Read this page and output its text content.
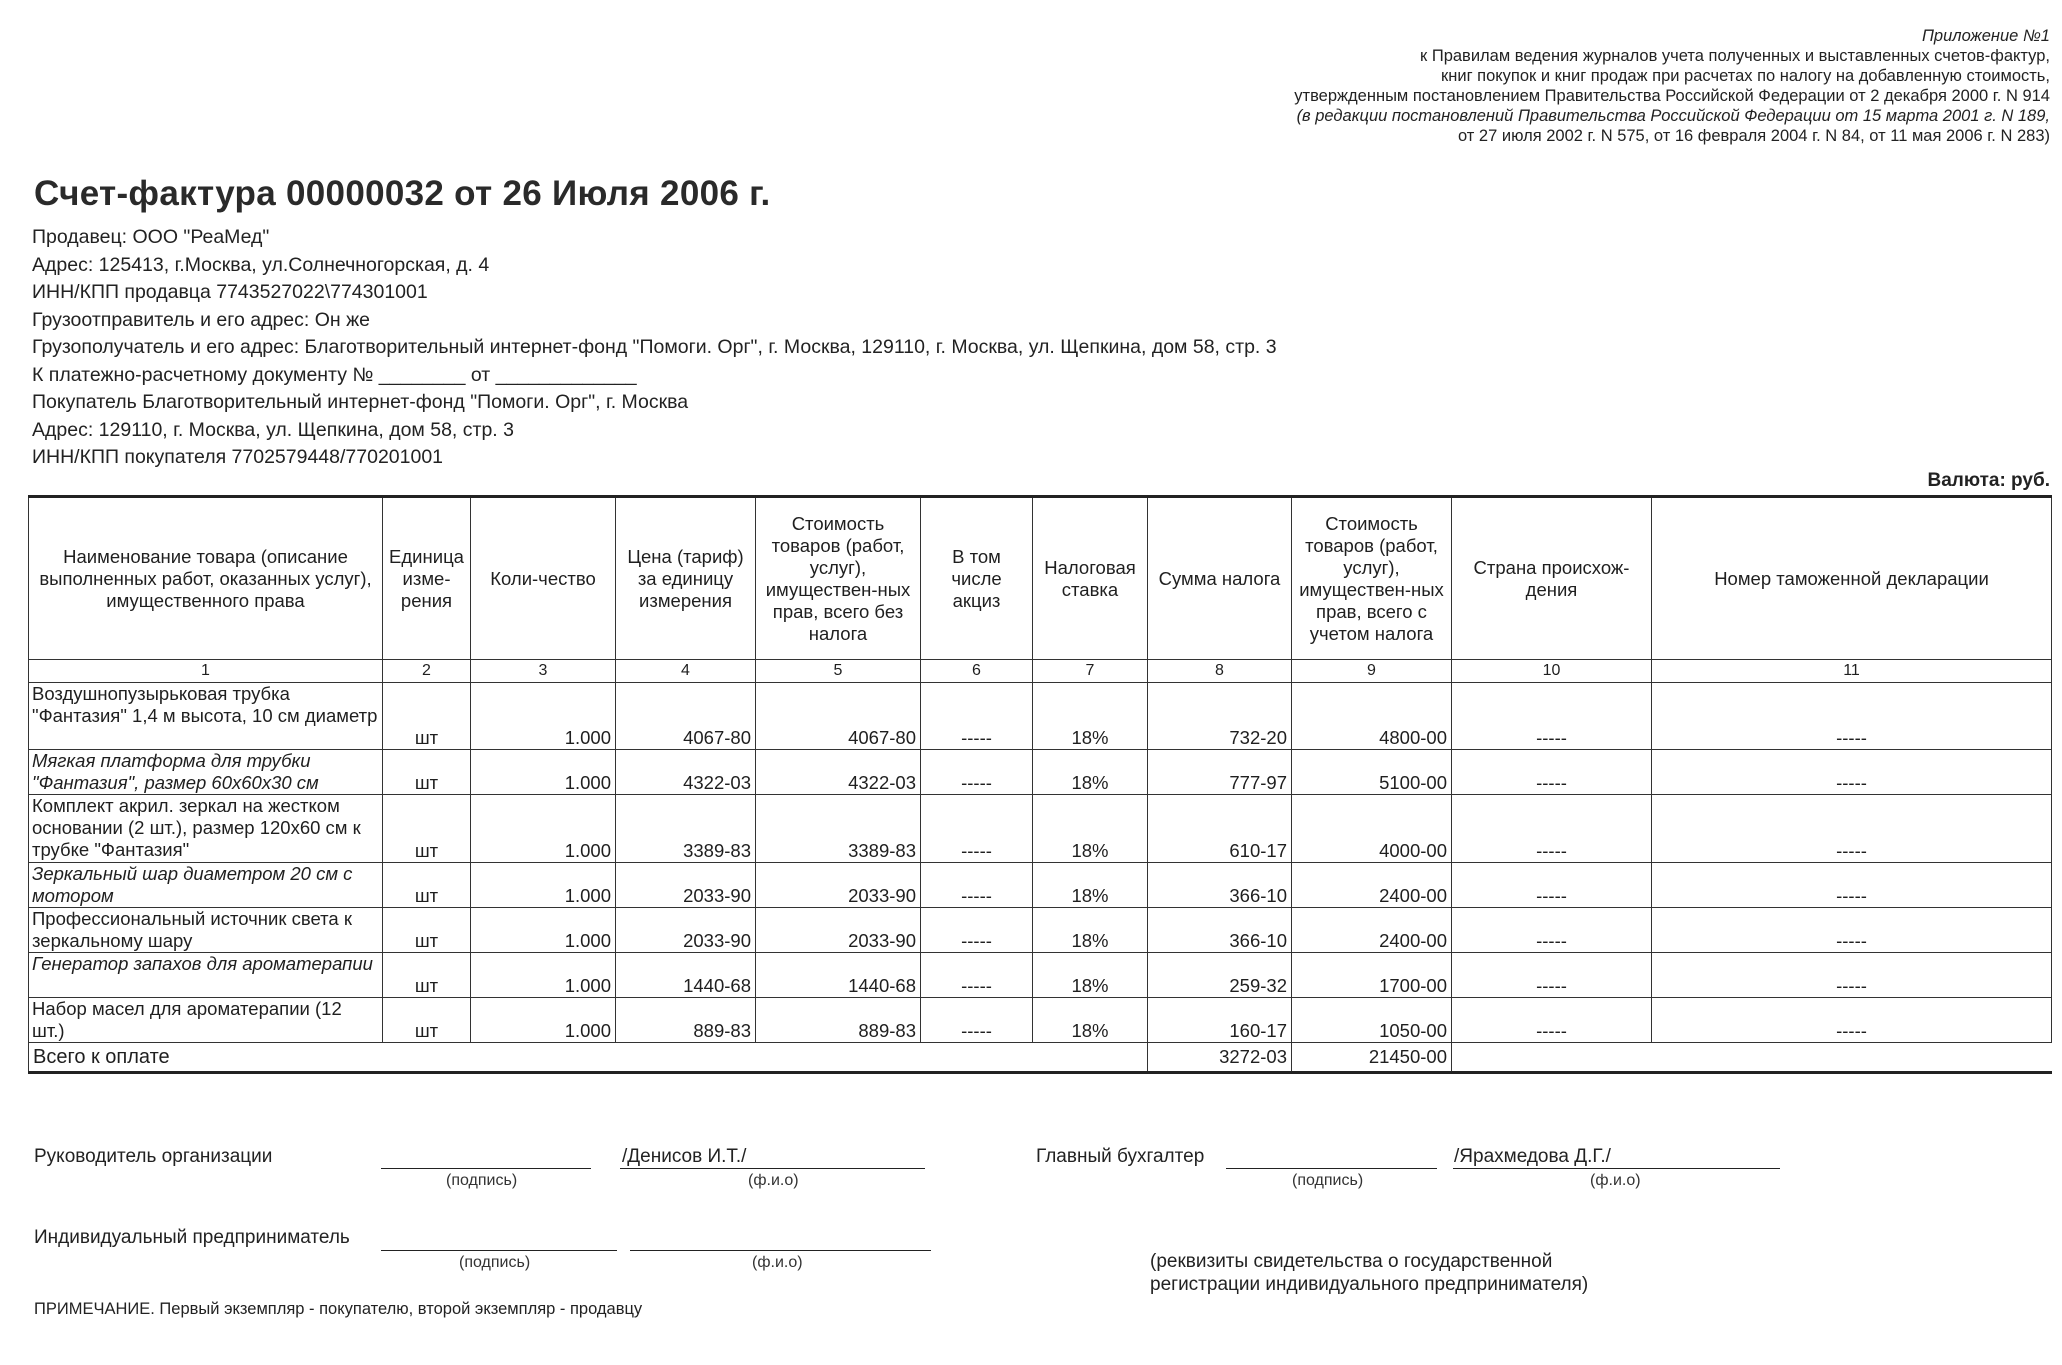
Приложение №1
к Правилам ведения журналов учета полученных и выставленных счетов-фактур,
книг покупок и книг продаж при расчетах по налогу на добавленную стоимость,
утвержденным постановлением Правительства Российской Федерации от 2 декабря 2000 г. N 914
(в редакции постановлений Правительства Российской Федерации от 15 марта 2001 г. N 189,
от 27 июля 2002 г. N 575, от 16 февраля 2004 г. N 84, от 11 мая 2006 г. N 283)
Счет-фактура 00000032 от 26 Июля 2006 г.
Продавец: ООО "РеаМед"
Адрес: 125413, г.Москва, ул.Солнечногорская, д. 4
ИНН/КПП продавца 7743527022\774301001
Грузоотправитель и его адрес: Он же
Грузополучатель и его адрес: Благотворительный интернет-фонд "Помоги. Орг", г. Москва, 129110, г. Москва, ул. Щепкина, дом 58, стр. 3
К платежно-расчетному документу № ________ от _____________
Покупатель Благотворительный интернет-фонд "Помоги. Орг", г. Москва
Адрес: 129110, г. Москва, ул. Щепкина, дом 58, стр. 3
ИНН/КПП покупателя 7702579448/770201001
Валюта: руб.
Наименование товара (описание выполненных работ, оказанных услуг), имущественного права	Единица изме-рения	Коли-чество	Цена (тариф) за единицу измерения	Стоимость товаров (работ, услуг), имуществен-ных прав, всего без налога	В том числе акциз	Налоговая ставка	Сумма налога	Стоимость товаров (работ, услуг), имуществен-ных прав, всего с учетом налога	Страна происхож-дения	Номер таможенной декларации
1	2	3	4	5	6	7	8	9	10	11
Воздушнопузырьковая трубка "Фантазия" 1,4 м высота, 10 см диаметр	шт	1.000	4067-80	4067-80	-----	18%	732-20	4800-00	-----	-----
Мягкая платформа для трубки "Фантазия", размер 60х60х30 см	шт	1.000	4322-03	4322-03	-----	18%	777-97	5100-00	-----	-----
Комплект акрил. зеркал на жестком основании (2 шт.), размер 120х60 см к трубке "Фантазия"	шт	1.000	3389-83	3389-83	-----	18%	610-17	4000-00	-----	-----
Зеркальный шар диаметром 20 см с мотором	шт	1.000	2033-90	2033-90	-----	18%	366-10	2400-00	-----	-----
Профессиональный источник света к зеркальному шару	шт	1.000	2033-90	2033-90	-----	18%	366-10	2400-00	-----	-----
Генератор запахов для ароматерапии	шт	1.000	1440-68	1440-68	-----	18%	259-32	1700-00	-----	-----
Набор масел для ароматерапии (12 шт.)	шт	1.000	889-83	889-83	-----	18%	160-17	1050-00	-----	-----
Всего к оплате							3272-03	21450-00		
Руководитель организации
(подпись)
/Денисов И.Т./
(ф.и.о)
Главный бухгалтер
(подпись)
/Ярахмедова Д.Г./
(ф.и.о)
Индивидуальный предприниматель
(подпись)	(ф.и.о)	(реквизиты свидетельства о государственной
регистрации индивидуального предпринимателя)
ПРИМЕЧАНИЕ. Первый экземпляр - покупателю, второй экземпляр - продавцу
